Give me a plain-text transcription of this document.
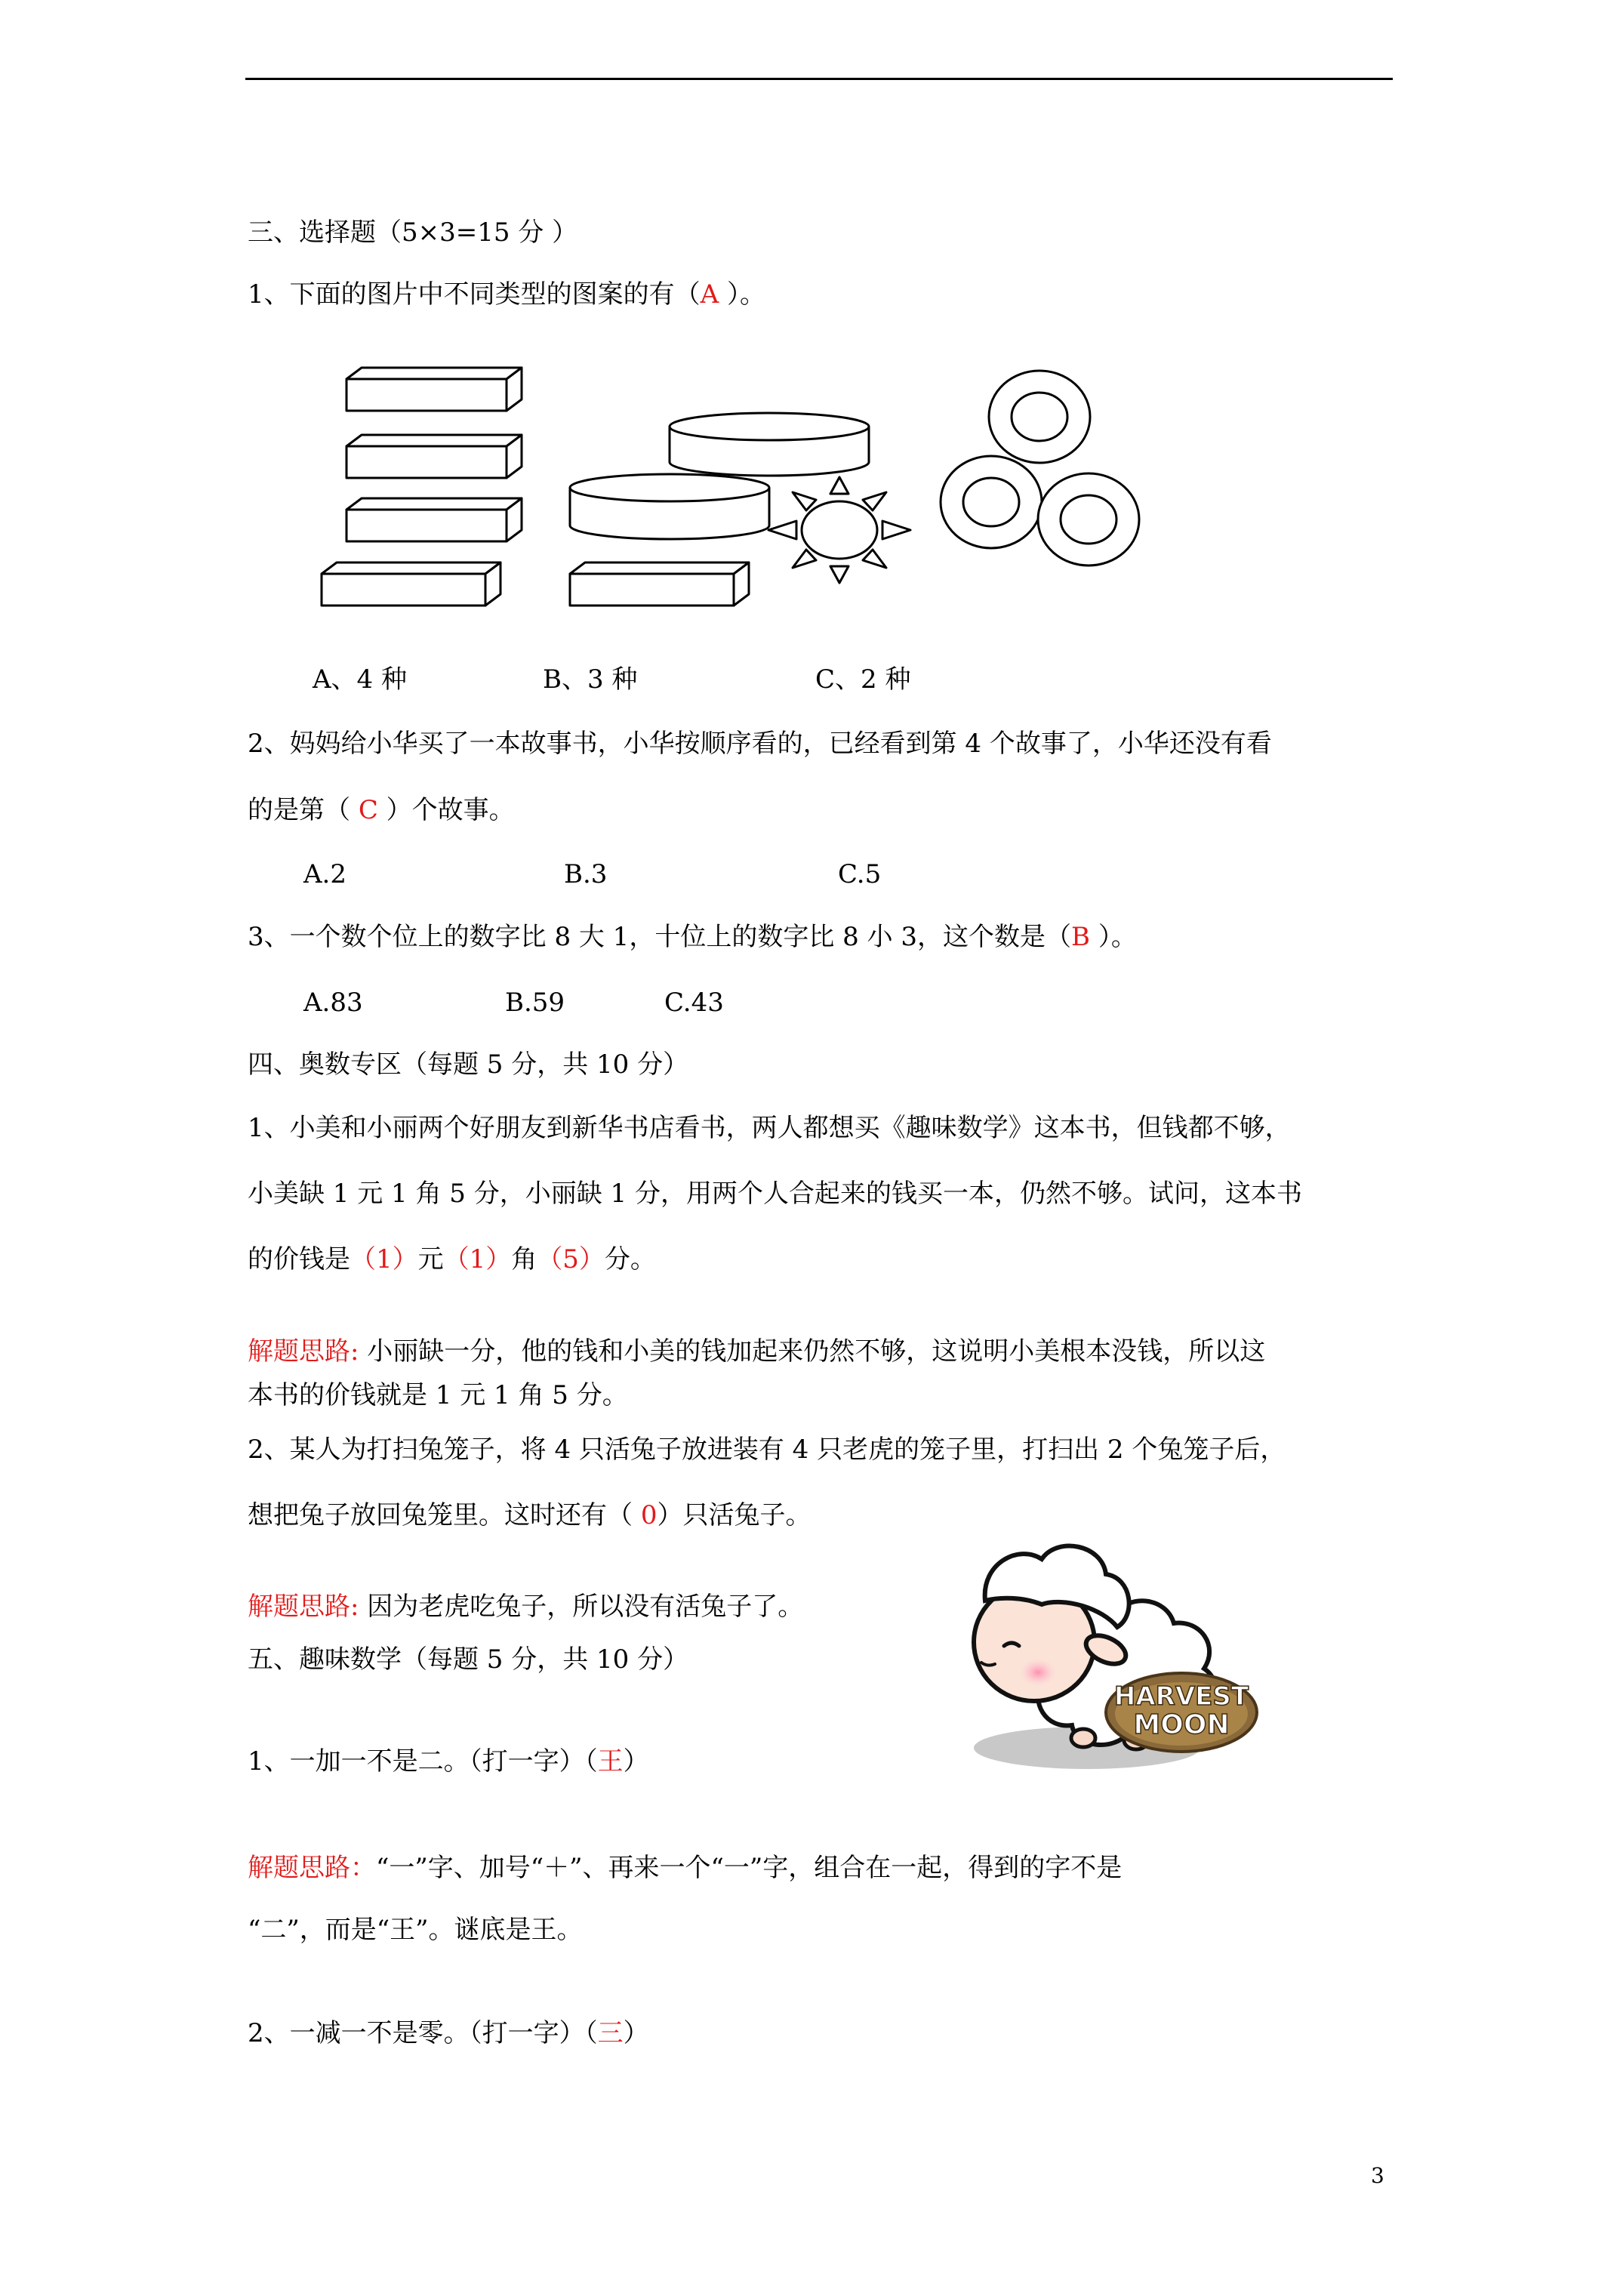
三、选择题（5×3=15 分 ）
1、下面的图片中不同类型的图案的有（A ）。
A、4 种	B、3 种	C、2 种
2、妈妈给小华买了一本故事书，小华按顺序看的，已经看到第 4 个故事了，小华还没有看
的是第（ C ）个故事。
A.2	B.3	C.5
3、一个数个位上的数字比 8 大 1，十位上的数字比 8 小 3，这个数是（B ）。
A.83	B.59	C.43
四、奥数专区（每题 5 分，共 10 分）
1、小美和小丽两个好朋友到新华书店看书，两人都想买《趣味数学》这本书，但钱都不够，
小美缺 1 元 1 角 5 分，小丽缺 1 分，用两个人合起来的钱买一本，仍然不够。试问，这本书
的价钱是（1）元（1）角（5）分。
解题思路: 小丽缺一分，他的钱和小美的钱加起来仍然不够，这说明小美根本没钱，所以这
本书的价钱就是 1 元 1 角 5 分。
2、某人为打扫兔笼子，将 4 只活兔子放进装有 4 只老虎的笼子里，打扫出 2 个兔笼子后，
想把兔子放回兔笼里。这时还有（ 0）只活兔子。
解题思路: 因为老虎吃兔子，所以没有活兔子了。
五、趣味数学（每题 5 分，共 10 分）
1、一加一不是二。（打一字）（王）
解题思路：“一”字、加号“＋”、再来一个“一”字，组合在一起，得到的字不是
“二”，而是“王”。谜底是王。
2、一减一不是零。（打一字）（三）
HARVEST
MOON
3
